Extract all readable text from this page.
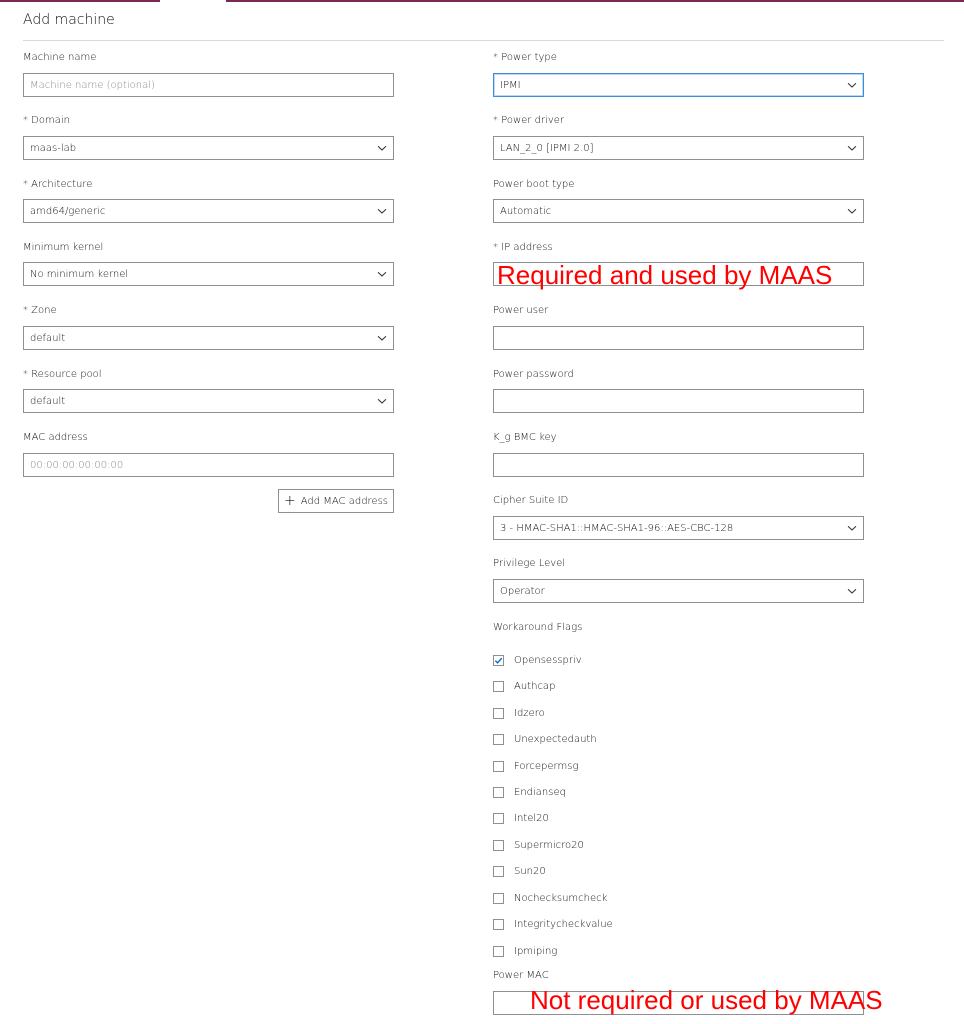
Add machine
Machine name
Machine name (optional)
* Domain
maas-lab
* Architecture
amd64/generic
Minimum kernel
No minimum kernel
* Zone
default
* Resource pool
default
MAC address
00:00:00:00:00:00
+ Add MAC address
* Power type
IPMI
* Power driver
LAN_2_0 [IPMI 2.0]
Power boot type
Automatic
* IP address
Power user
Power password
K_g BMC key
Cipher Suite ID
3 - HMAC-SHA1::HMAC-SHA1-96::AES-CBC-128
Privilege Level
Operator
Workaround Flags
Opensesspriv
Authcap
Idzero
Unexpectedauth
Forcepermsg
Endianseq
Intel20
Supermicro20
Sun20
Nochecksumcheck
Integritycheckvalue
Ipmiping
Power MAC
Required and used by MAAS
Not required or used by MAAS
